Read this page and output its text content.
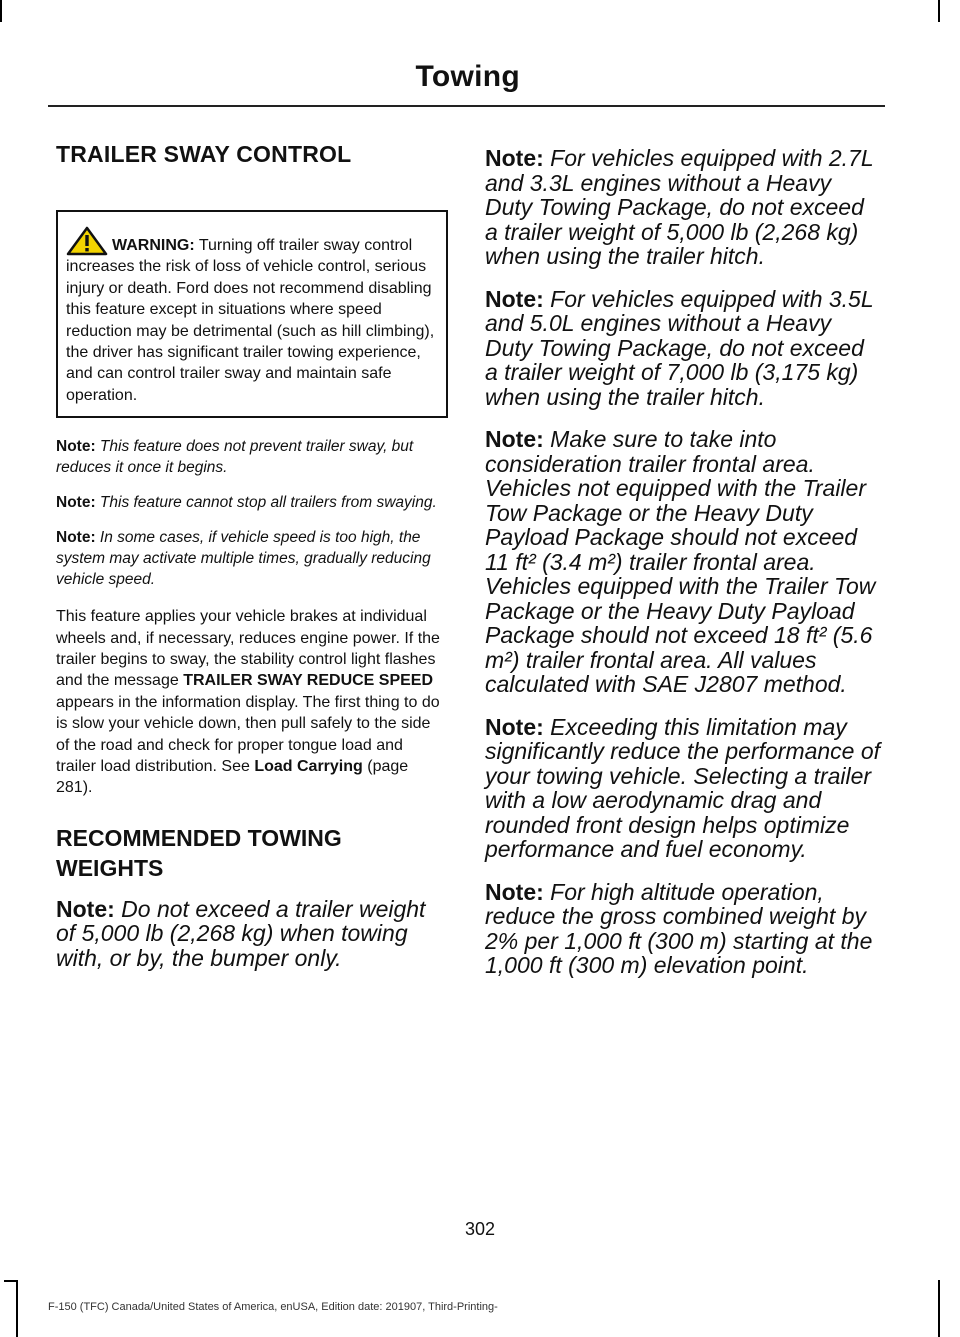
Towing
TRAILER SWAY CONTROL
WARNING: Turning off trailer sway control increases the risk of loss of vehicle control, serious injury or death. Ford does not recommend disabling this feature except in situations where speed reduction may be detrimental (such as hill climbing), the driver has significant trailer towing experience, and can control trailer sway and maintain safe operation.

Note: This feature does not prevent trailer sway, but reduces it once it begins.

Note: This feature cannot stop all trailers from swaying.

Note: In some cases, if vehicle speed is too high, the system may activate multiple times, gradually reducing vehicle speed.

This feature applies your vehicle brakes at individual wheels and, if necessary, reduces engine power. If the trailer begins to sway, the stability control light flashes and the message TRAILER SWAY REDUCE SPEED appears in the information display. The first thing to do is slow your vehicle down, then pull safely to the side of the road and check for proper tongue load and trailer load distribution. See Load Carrying (page 281).

RECOMMENDED TOWING
WEIGHTS

Note: Do not exceed a trailer weight of 5,000 lb (2,268 kg) when towing with, or by, the bumper only.

Note: For vehicles equipped with 2.7L and 3.3L engines without a Heavy Duty Towing Package, do not exceed a trailer weight of 5,000 lb (2,268 kg) when using the trailer hitch.

Note: For vehicles equipped with 3.5L and 5.0L engines without a Heavy Duty Towing Package, do not exceed a trailer weight of 7,000 lb (3,175 kg) when using the trailer hitch.

Note: Make sure to take into consideration trailer frontal area. Vehicles not equipped with the Trailer Tow Package or the Heavy Duty Payload Package should not exceed 11 ft² (3.4 m²) trailer frontal area. Vehicles equipped with the Trailer Tow Package or the Heavy Duty Payload Package should not exceed 18 ft² (5.6 m²) trailer frontal area. All values calculated with SAE J2807 method.

Note: Exceeding this limitation may significantly reduce the performance of your towing vehicle. Selecting a trailer with a low aerodynamic drag and rounded front design helps optimize performance and fuel economy.

Note: For high altitude operation, reduce the gross combined weight by 2% per 1,000 ft (300 m) starting at the 1,000 ft (300 m) elevation point.

302
F-150 (TFC) Canada/United States of America, enUSA, Edition date: 201907, Third-Printing-
